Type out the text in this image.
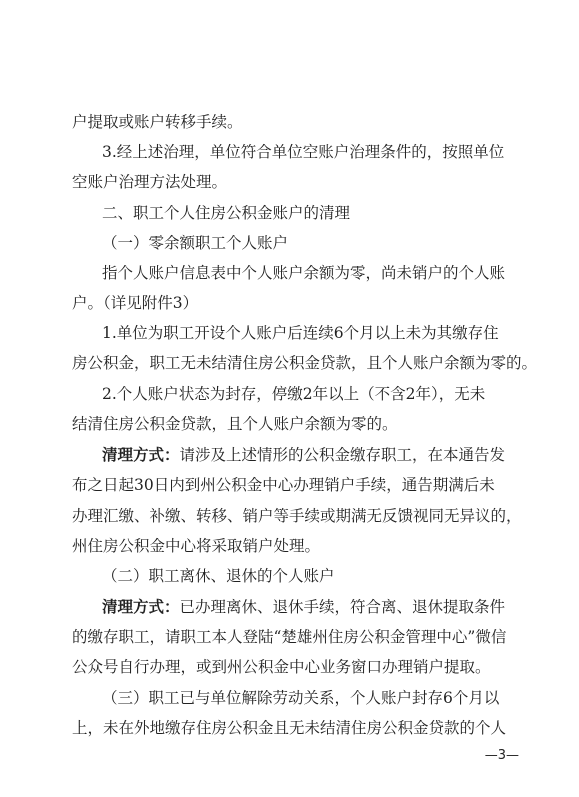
户提取或账户转移手续。
3.经上述治理，单位符合单位空账户治理条件的，按照单位
空账户治理方法处理。
二、职工个人住房公积金账户的清理
（一）零余额职工个人账户
指个人账户信息表中个人账户余额为零，尚未销户的个人账
户。（详见附件3）
1.单位为职工开设个人账户后连续6个月以上未为其缴存住
房公积金，职工无未结清住房公积金贷款，且个人账户余额为零的。
2.个人账户状态为封存，停缴2年以上（不含2年），无未
结清住房公积金贷款，且个人账户余额为零的。
清理方式：请涉及上述情形的公积金缴存职工，在本通告发
布之日起30日内到州公积金中心办理销户手续，通告期满后未
办理汇缴、补缴、转移、销户等手续或期满无反馈视同无异议的，
州住房公积金中心将采取销户处理。
（二）职工离休、退休的个人账户
清理方式：已办理离休、退休手续，符合离、退休提取条件
的缴存职工，请职工本人登陆“楚雄州住房公积金管理中心”微信
公众号自行办理，或到州公积金中心业务窗口办理销户提取。
（三）职工已与单位解除劳动关系，个人账户封存6个月以
上，未在外地缴存住房公积金且无未结清住房公积金贷款的个人
—3—
